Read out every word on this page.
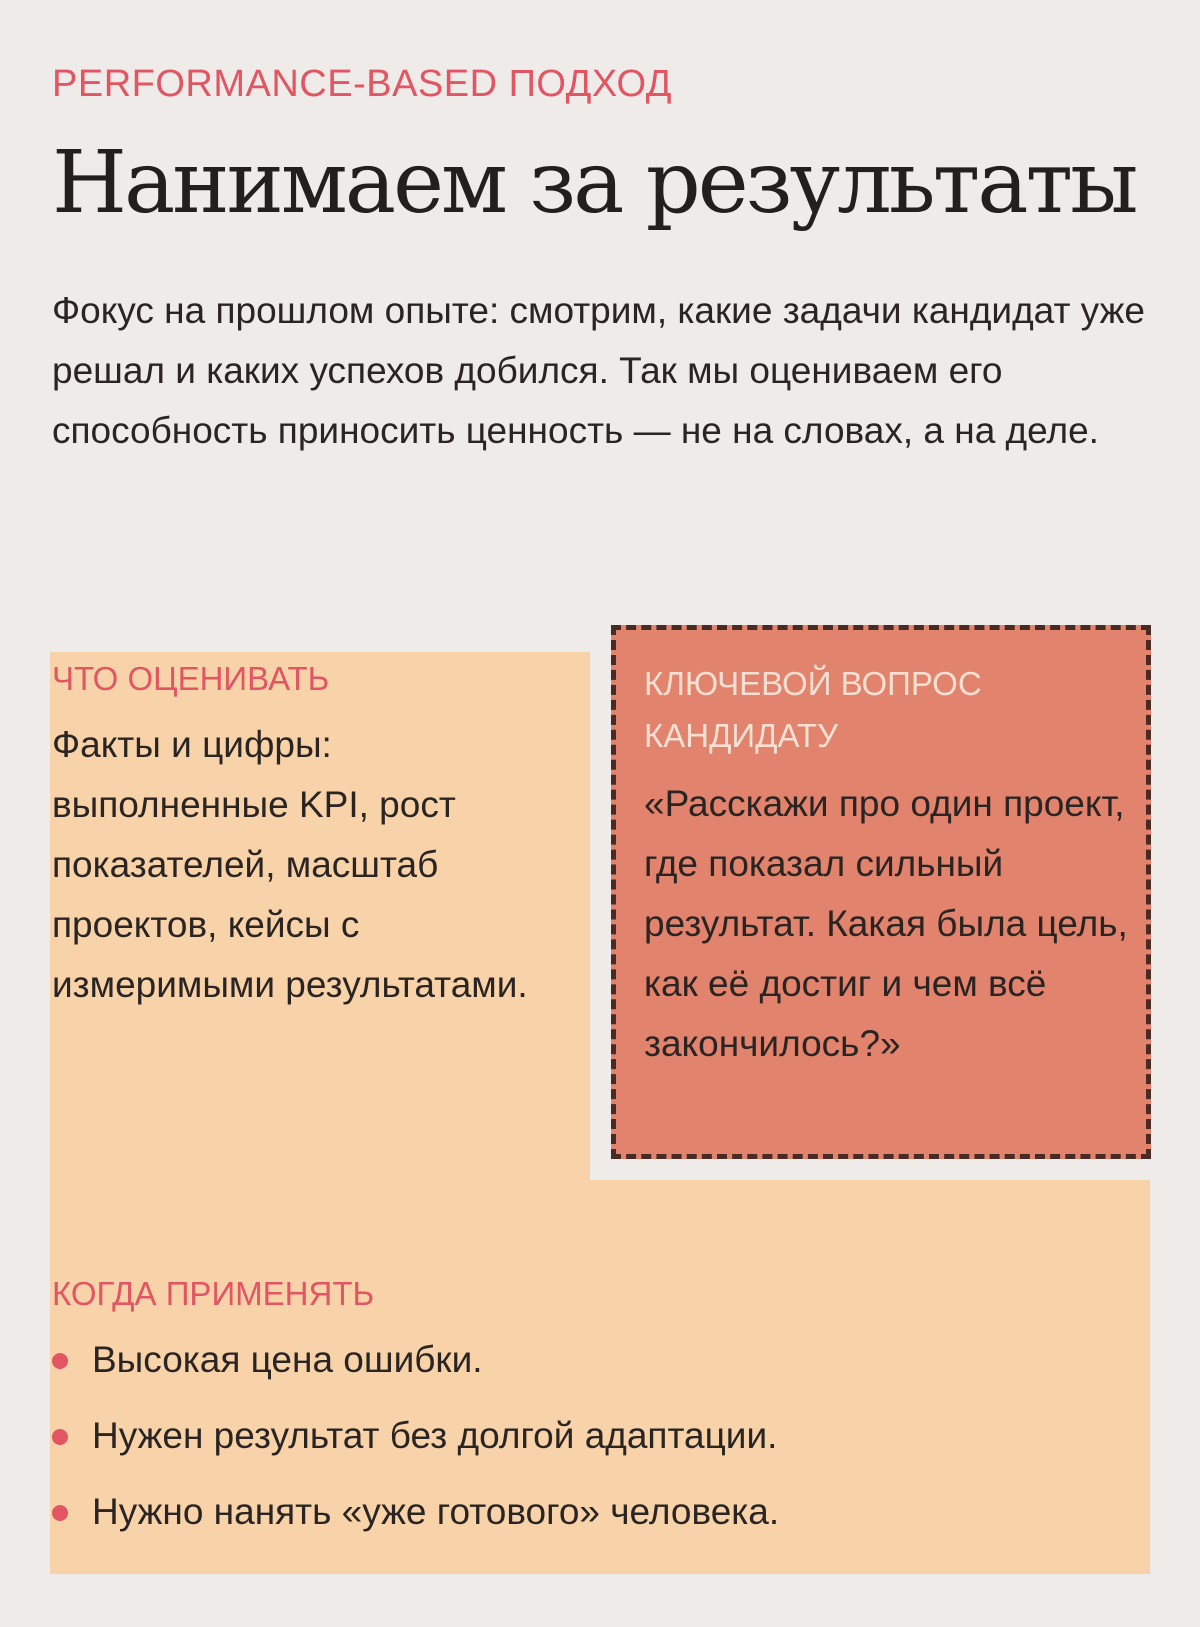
PERFORMANCE-BASED ПОДХОД
Нанимаем за результаты
Фокус на прошлом опыте: смотрим, какие задачи кандидат уже решал и каких успехов добился. Так мы оцениваем его способность приносить ценность — не на словах, а на деле.
ЧТО ОЦЕНИВАТЬ
Факты и цифры: выполненные KPI, рост показателей, масштаб проектов, кейсы с измеримыми результатами.
КЛЮЧЕВОЙ ВОПРОС КАНДИДАТУ
«Расскажи про один проект, где показал сильный результат. Какая была цель, как её достиг и чем всё закончилось?»
КОГДА ПРИМЕНЯТЬ
Высокая цена ошибки.
Нужен результат без долгой адаптации.
Нужно нанять «уже готового» человека.
